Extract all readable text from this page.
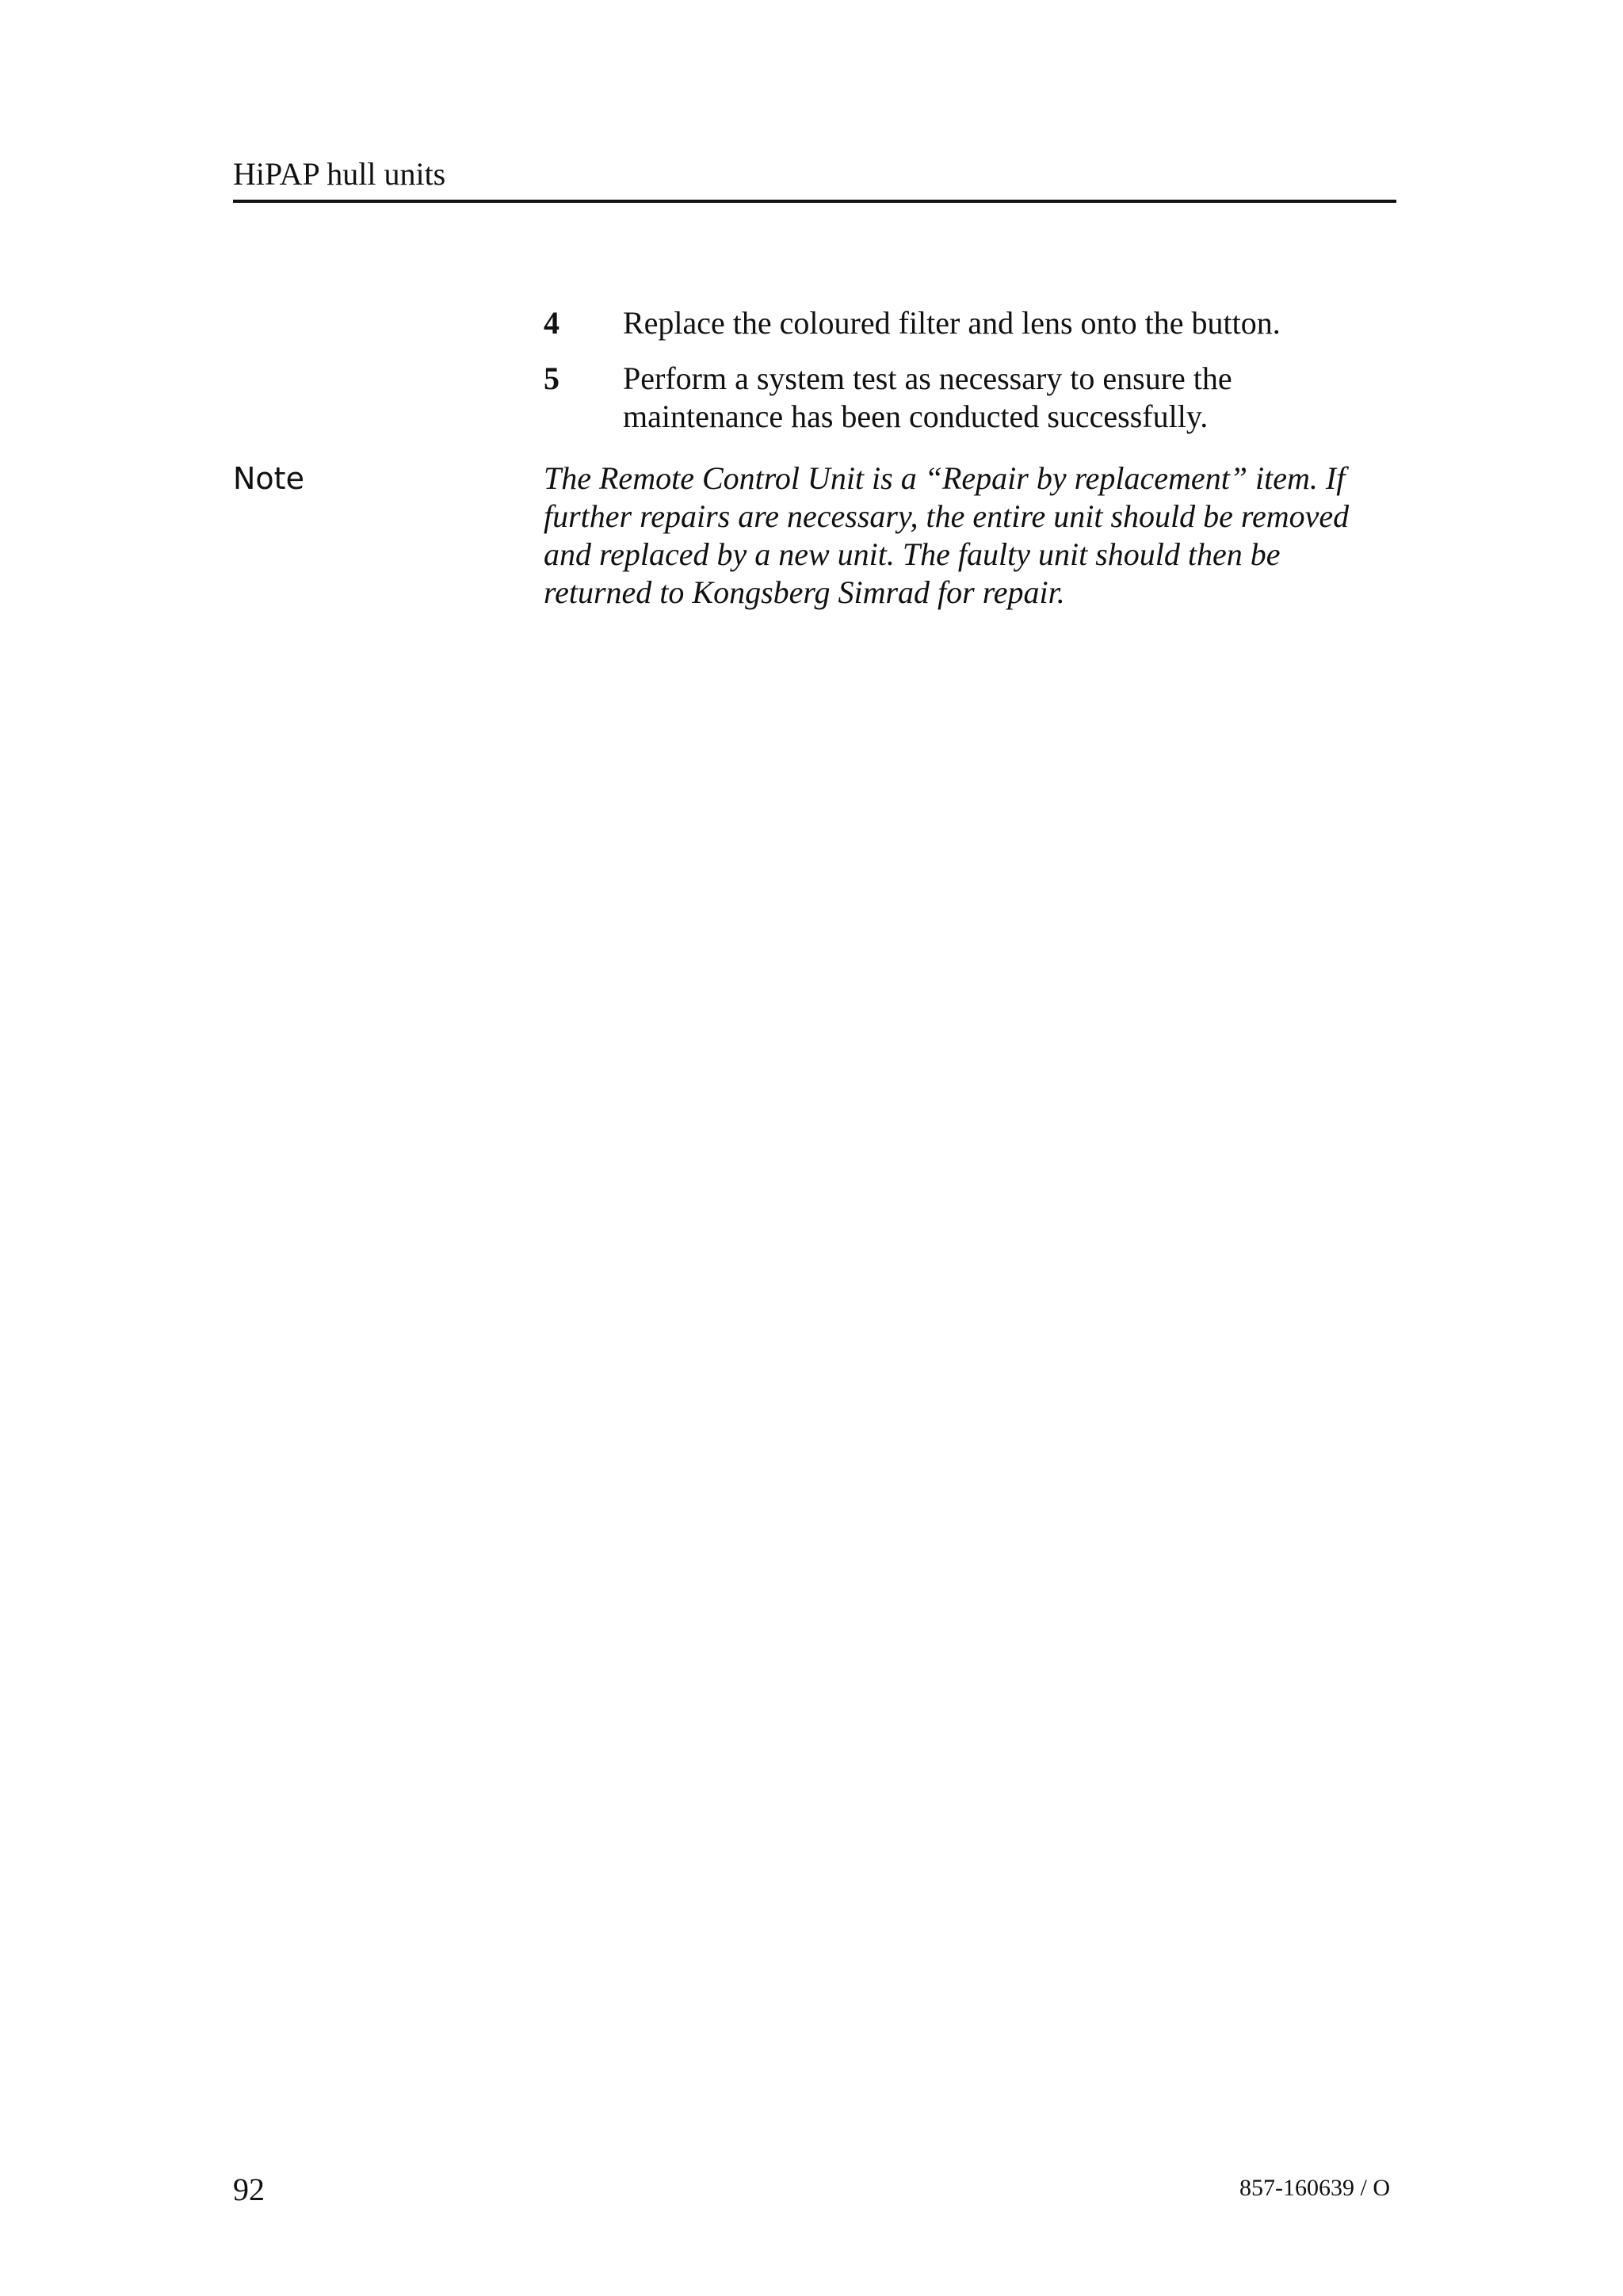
HiPAP hull units
4 Replace the coloured filter and lens onto the button.
5 Perform a system test as necessary to ensure the
maintenance has been conducted successfully.
Note	The Remote Control Unit is a “Repair by replacement” item. If
further repairs are necessary, the entire unit should be removed
and replaced by a new unit. The faulty unit should then be
returned to Kongsberg Simrad for repair.
92	857-160639 / O
